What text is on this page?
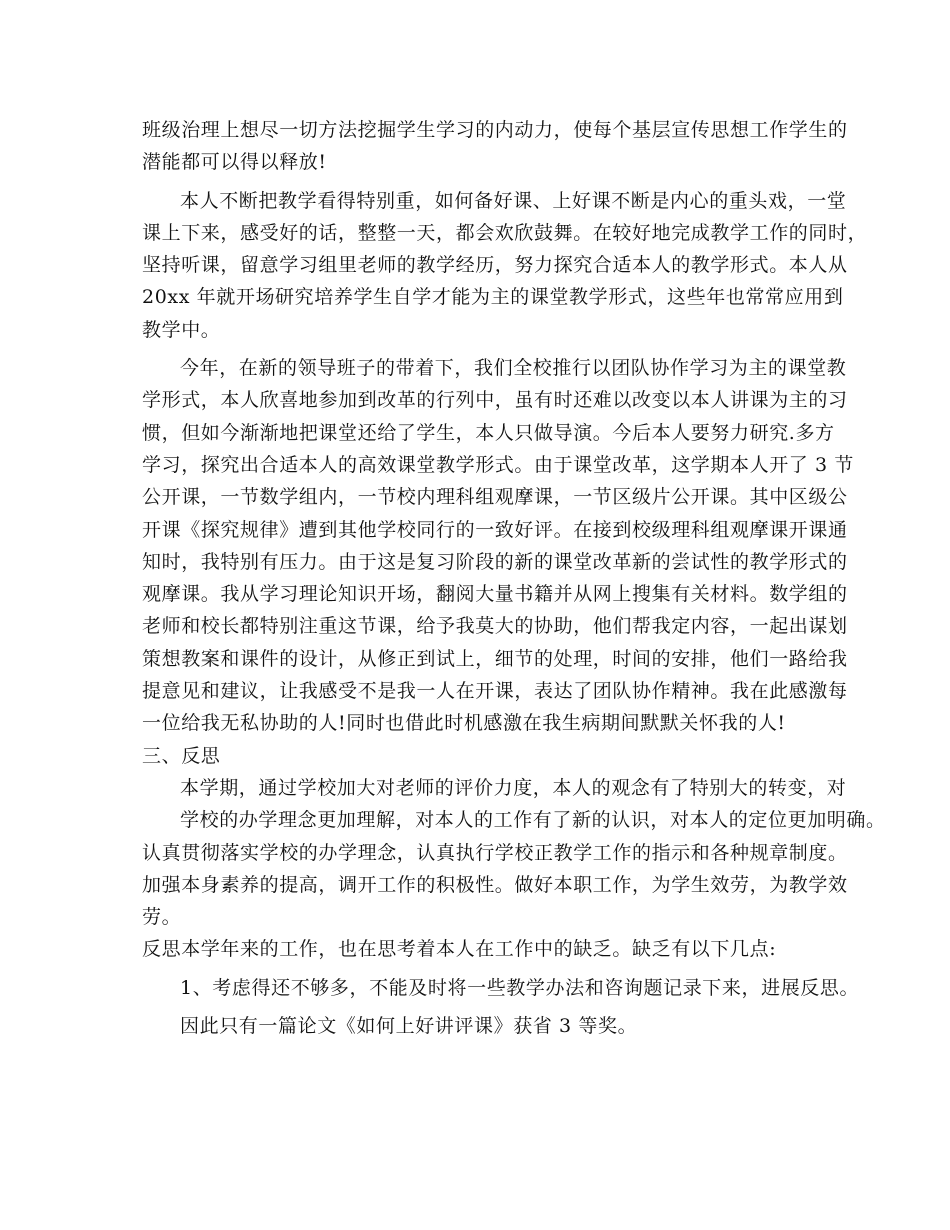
班级治理上想尽一切方法挖掘学生学习的内动力，使每个基层宣传思想工作学生的
潜能都可以得以释放!
本人不断把教学看得特别重，如何备好课、上好课不断是内心的重头戏，一堂
课上下来，感受好的话，整整一天，都会欢欣鼓舞。在较好地完成教学工作的同时，
坚持听课，留意学习组里老师的教学经历，努力探究合适本人的教学形式。本人从
20xx 年就开场研究培养学生自学才能为主的课堂教学形式，这些年也常常应用到
教学中。
今年，在新的领导班子的带着下，我们全校推行以团队协作学习为主的课堂教
学形式，本人欣喜地参加到改革的行列中，虽有时还难以改变以本人讲课为主的习
惯，但如今渐渐地把课堂还给了学生，本人只做导演。今后本人要努力研究.多方
学习，探究出合适本人的高效课堂教学形式。由于课堂改革，这学期本人开了 3 节
公开课，一节数学组内，一节校内理科组观摩课，一节区级片公开课。其中区级公
开课《探究规律》遭到其他学校同行的一致好评。在接到校级理科组观摩课开课通
知时，我特别有压力。由于这是复习阶段的新的课堂改革新的尝试性的教学形式的
观摩课。我从学习理论知识开场，翻阅大量书籍并从网上搜集有关材料。数学组的
老师和校长都特别注重这节课，给予我莫大的协助，他们帮我定内容，一起出谋划
策想教案和课件的设计，从修正到试上，细节的处理，时间的安排，他们一路给我
提意见和建议，让我感受不是我一人在开课，表达了团队协作精神。我在此感激每
一位给我无私协助的人!同时也借此时机感激在我生病期间默默关怀我的人!
三、反思
本学期，通过学校加大对老师的评价力度，本人的观念有了特别大的转变，对
学校的办学理念更加理解，对本人的工作有了新的认识，对本人的定位更加明确。
认真贯彻落实学校的办学理念，认真执行学校正教学工作的指示和各种规章制度。
加强本身素养的提高，调开工作的积极性。做好本职工作，为学生效劳，为教学效
劳。
反思本学年来的工作，也在思考着本人在工作中的缺乏。缺乏有以下几点:
1、考虑得还不够多，不能及时将一些教学办法和咨询题记录下来，进展反思。
因此只有一篇论文《如何上好讲评课》获省 3 等奖。
